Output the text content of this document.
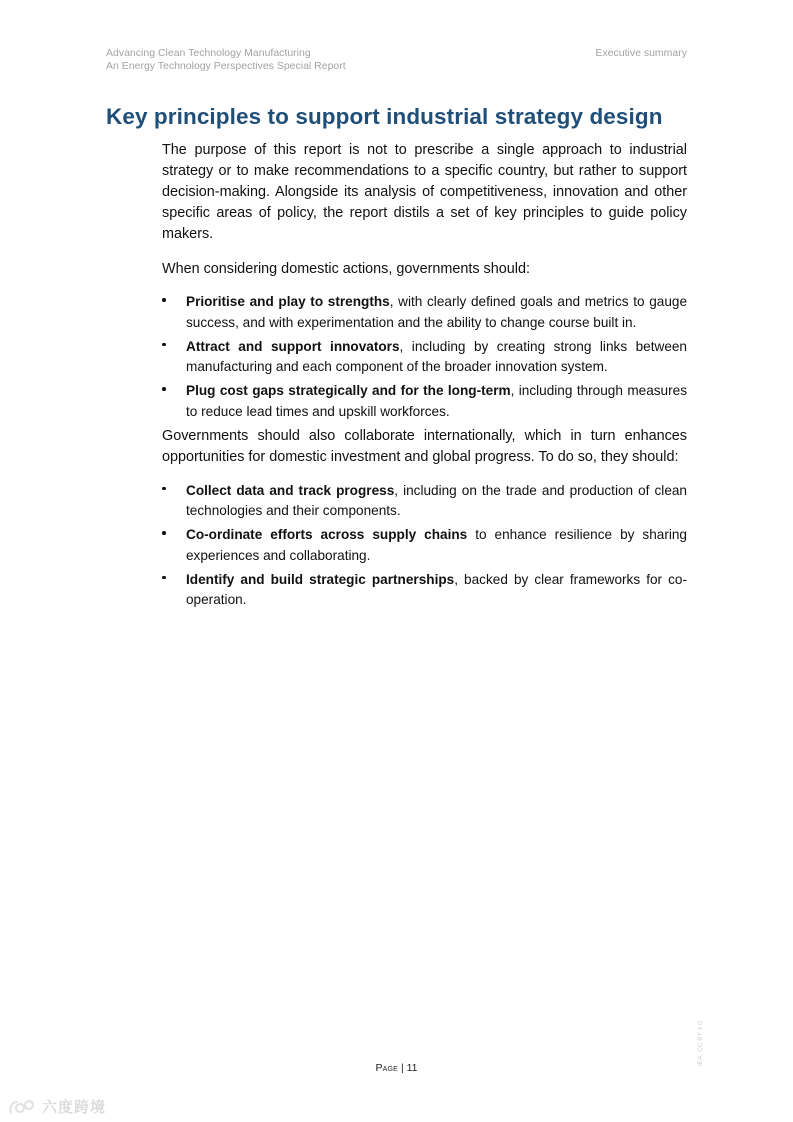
Advancing Clean Technology Manufacturing
An Energy Technology Perspectives Special Report
Executive summary
Key principles to support industrial strategy design

The purpose of this report is not to prescribe a single approach to industrial strategy or to make recommendations to a specific country, but rather to support decision-making. Alongside its analysis of competitiveness, innovation and other specific areas of policy, the report distils a set of key principles to guide policy makers.

When considering domestic actions, governments should:

Prioritise and play to strengths, with clearly defined goals and metrics to gauge success, and with experimentation and the ability to change course built in.
Attract and support innovators, including by creating strong links between manufacturing and each component of the broader innovation system.
Plug cost gaps strategically and for the long-term, including through measures to reduce lead times and upskill workforces.

Governments should also collaborate internationally, which in turn enhances opportunities for domestic investment and global progress. To do so, they should:

Collect data and track progress, including on the trade and production of clean technologies and their components.
Co-ordinate efforts across supply chains to enhance resilience by sharing experiences and collaborating.
Identify and build strategic partnerships, backed by clear frameworks for co-operation.
IEA. CC BY 4.0.
Page | 11
六度跨境
